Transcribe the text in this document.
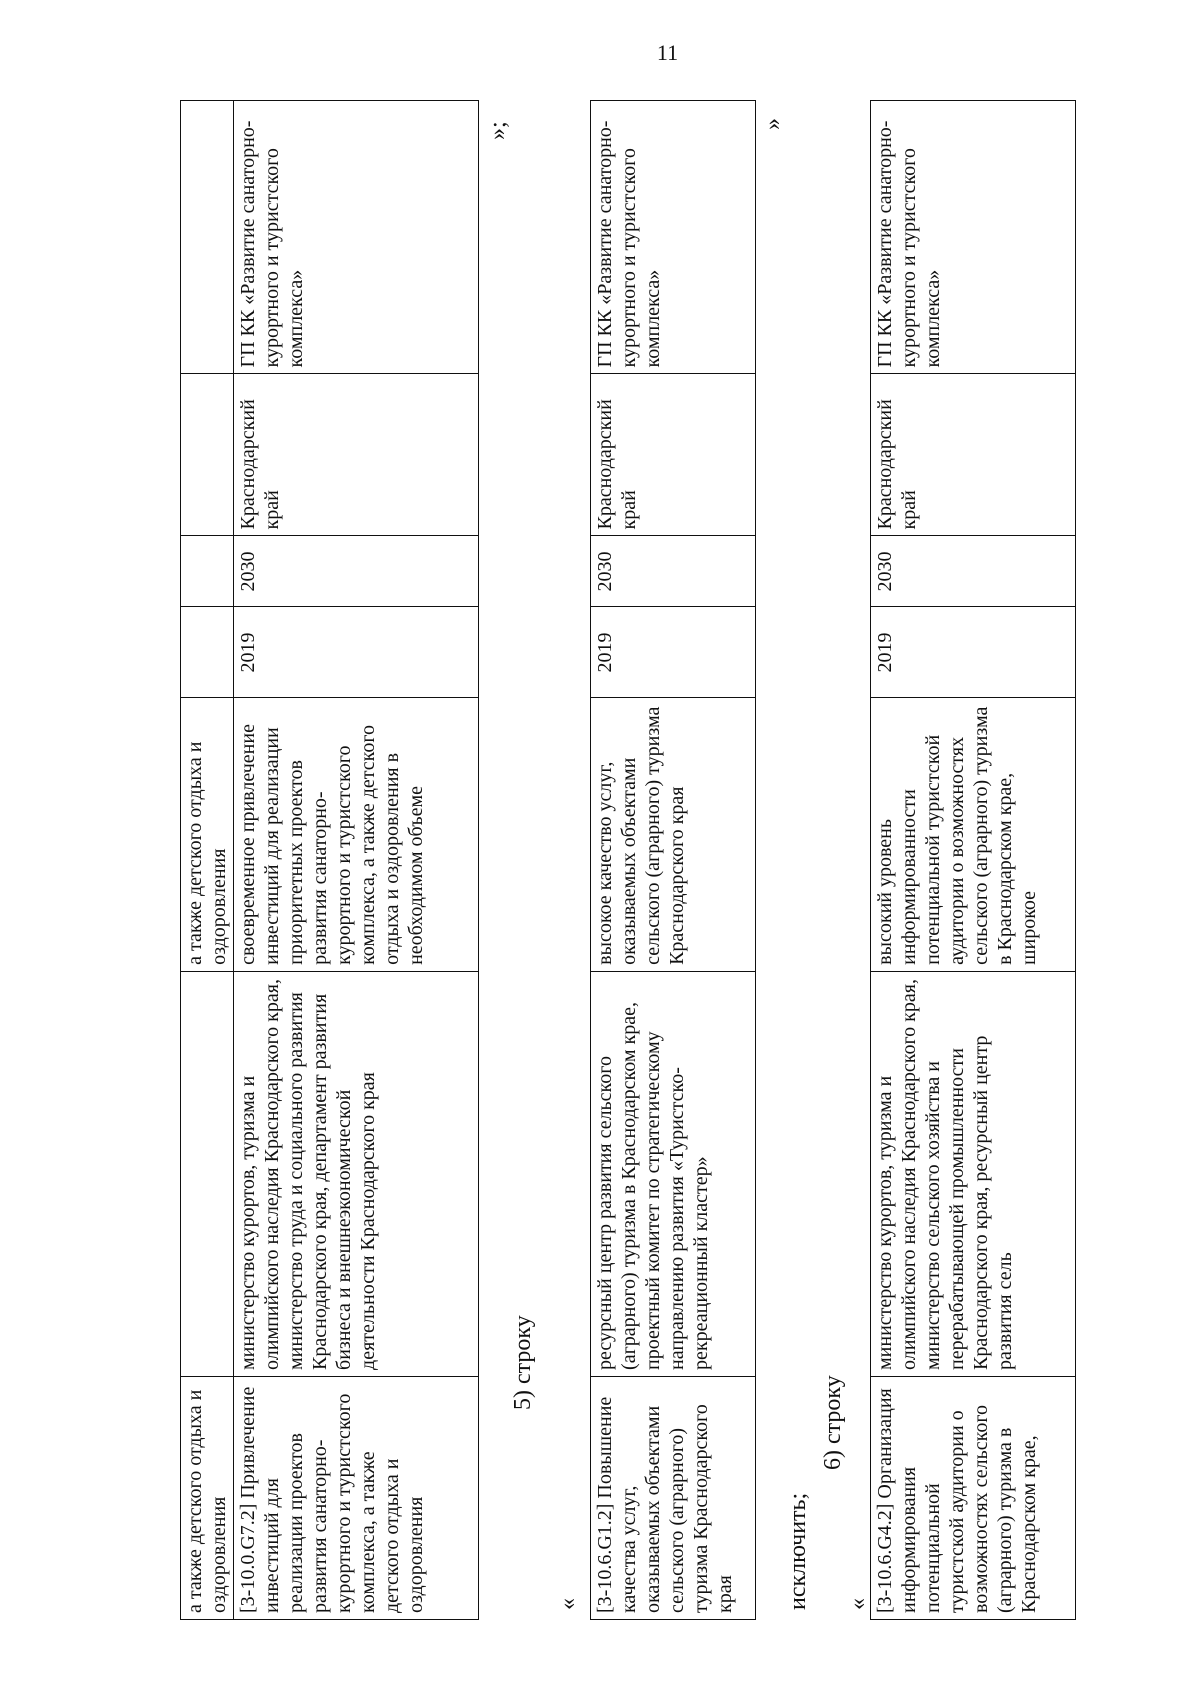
11
а также детского отдыха и оздоровления		а также детского отдыха и оздоровления				
[3-10.0.G7.2] Привлечение инвестиций для реализации проектов развития санаторно-курортного и туристского комплекса, а также детского отдыха и оздоровления	министерство курортов, туризма и олимпийского наследия Краснодарского края, министерство труда и социального развития Краснодарского края, департамент развития бизнеса и внешнеэкономической деятельности Краснодарского края	своевременное привлечение инвестиций для реализации приоритетных проектов развития санаторно-курортного и туристского комплекса, а также детского отдыха и оздоровления в необходимом объеме	2019	2030	Краснодарский край	ГП КК «Развитие санаторно-курортного и туристского комплекса»
»;
5) строку
« [3-10.6.G1.2] Повышение качества услуг, оказываемых объектами сельского (аграрного) туризма Краснодарского края	ресурсный центр развития сельского (аграрного) туризма в Краснодарском крае, проектный комитет по стратегическому направлению развития «Туристско-рекреационный кластер»	высокое качество услуг, оказываемых объектами сельского (аграрного) туризма Краснодарского края	2019	2030	Краснодарский край	ГП КК «Развитие санаторно-курортного и туристского комплекса»
»
исключить;
6) строку
« [3-10.6.G4.2] Организация информирования потенциальной туристской аудитории о возможностях сельского (аграрного) туризма в Краснодарском крае,	министерство курортов, туризма и олимпийского наследия Краснодарского края, министерство сельского хозяйства и перерабатывающей промышленности Краснодарского края, ресурсный центр развития сель	высокий уровень информированности потенциальной туристской аудитории о возможностях сельского (аграрного) туризма в Краснодарском крае, широкое	2019	2030	Краснодарский край	ГП КК «Развитие санаторно-курортного и туристского комплекса»
